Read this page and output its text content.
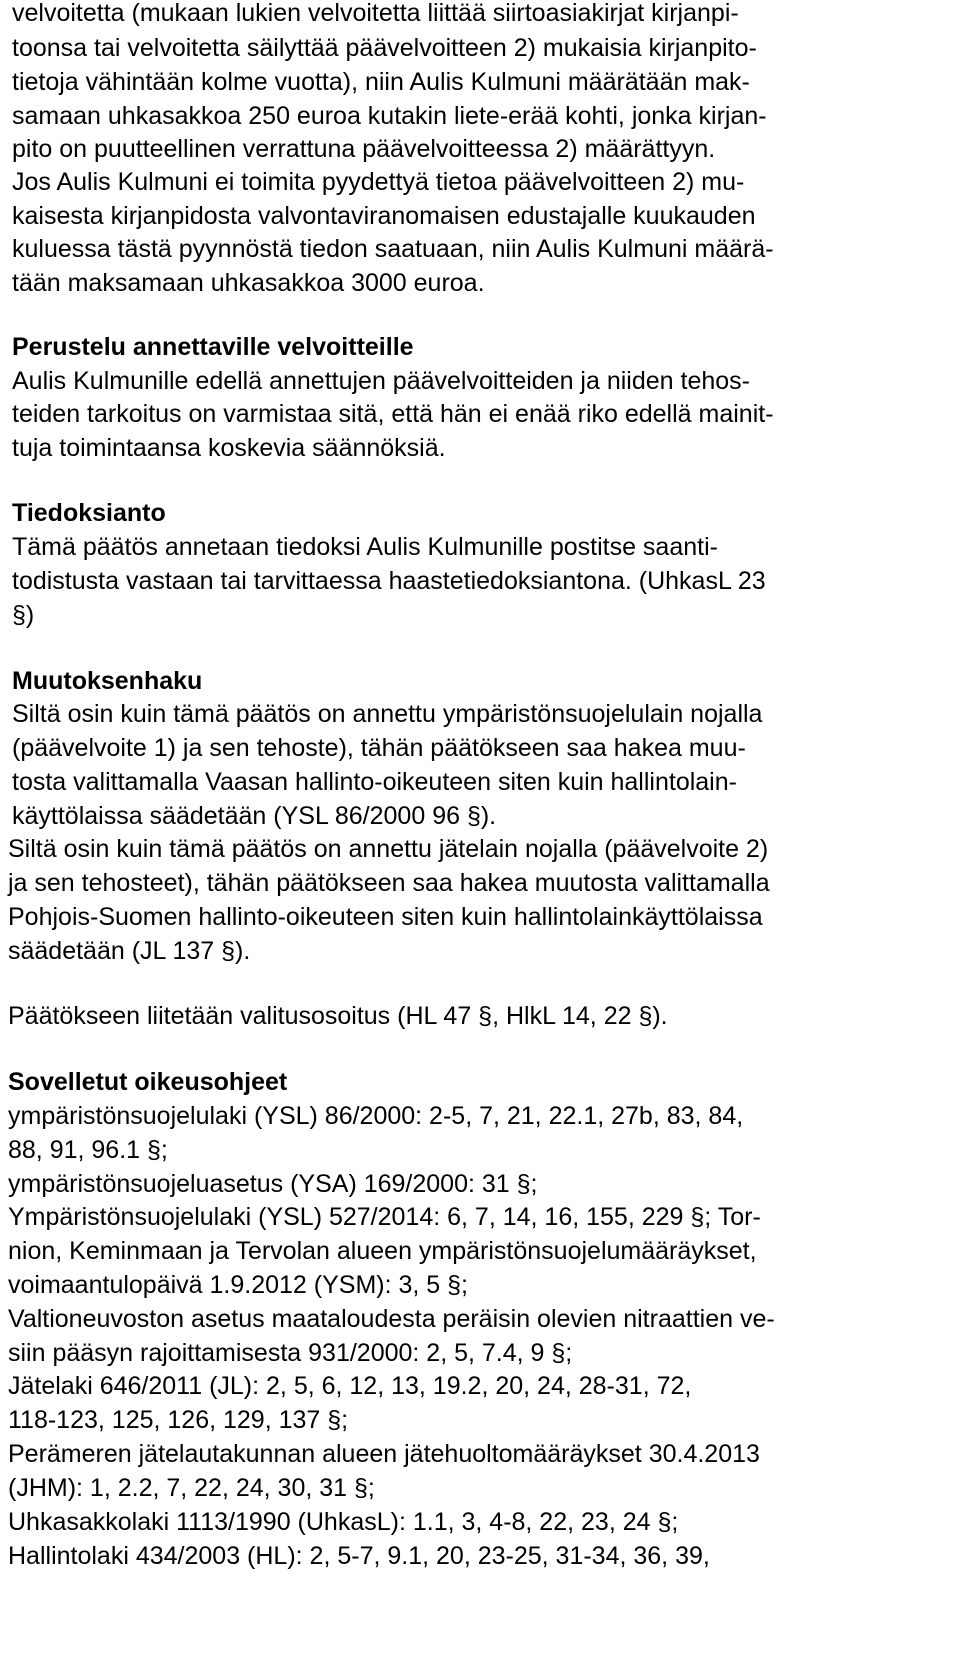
velvoitetta (mukaan lukien velvoitetta liittää siirtoasiakirjat kirjanpi-
toonsa tai velvoitetta säilyttää päävelvoitteen 2) mukaisia kirjanpito-
tietoja vähintään kolme vuotta), niin Aulis Kulmuni määrätään mak-
samaan uhkasakkoa 250 euroa kutakin liete-erää kohti, jonka kirjan-
pito on puutteellinen verrattuna päävelvoitteessa 2) määrättyyn.
Jos Aulis Kulmuni ei toimita pyydettyä tietoa päävelvoitteen 2) mu-
kaisesta kirjanpidosta valvontaviranomaisen edustajalle kuukauden
kuluessa tästä pyynnöstä tiedon saatuaan, niin Aulis Kulmuni määrä-
tään maksamaan uhkasakkoa 3000 euroa.
Perustelu annettaville velvoitteille
Aulis Kulmunille edellä annettujen päävelvoitteiden ja niiden tehos-
teiden tarkoitus on varmistaa sitä, että hän ei enää riko edellä mainit-
tuja toimintaansa koskevia säännöksiä.
Tiedoksianto
Tämä päätös annetaan tiedoksi Aulis Kulmunille postitse saanti-
todistusta vastaan tai tarvittaessa haastetiedoksiantona. (UhkasL 23
§)
Muutoksenhaku
Siltä osin kuin tämä päätös on annettu ympäristönsuojelulain nojalla
(päävelvoite 1) ja sen tehoste), tähän päätökseen saa hakea muu-
tosta valittamalla Vaasan hallinto-oikeuteen siten kuin hallintolain-
käyttölaissa säädetään (YSL 86/2000 96 §).
Siltä osin kuin tämä päätös on annettu jätelain nojalla (päävelvoite 2)
ja sen tehosteet), tähän päätökseen saa hakea muutosta valittamalla
Pohjois-Suomen hallinto-oikeuteen siten kuin hallintolainkäyttölaissa
säädetään (JL 137 §).
Päätökseen liitetään valitusosoitus (HL 47 §, HlkL 14, 22 §).
Sovelletut oikeusohjeet
ympäristönsuojelulaki (YSL) 86/2000: 2-5, 7, 21, 22.1, 27b, 83, 84,
88, 91, 96.1 §;
ympäristönsuojeluasetus (YSA) 169/2000: 31 §;
Ympäristönsuojelulaki (YSL) 527/2014: 6, 7, 14, 16, 155, 229 §; Tor-
nion, Keminmaan ja Tervolan alueen ympäristönsuojelumääräykset,
voimaantulopäivä 1.9.2012 (YSM): 3, 5 §;
Valtioneuvoston asetus maataloudesta peräisin olevien nitraattien ve-
siin pääsyn rajoittamisesta 931/2000: 2, 5, 7.4, 9 §;
Jätelaki 646/2011 (JL): 2, 5, 6, 12, 13, 19.2, 20, 24, 28-31, 72,
118-123, 125, 126, 129, 137 §;
Perämeren jätelautakunnan alueen jätehuoltomääräykset 30.4.2013
(JHM): 1, 2.2, 7, 22, 24, 30, 31 §;
Uhkasakkolaki 1113/1990 (UhkasL): 1.1, 3, 4-8, 22, 23, 24 §;
Hallintolaki 434/2003 (HL): 2, 5-7, 9.1, 20, 23-25, 31-34, 36, 39,
